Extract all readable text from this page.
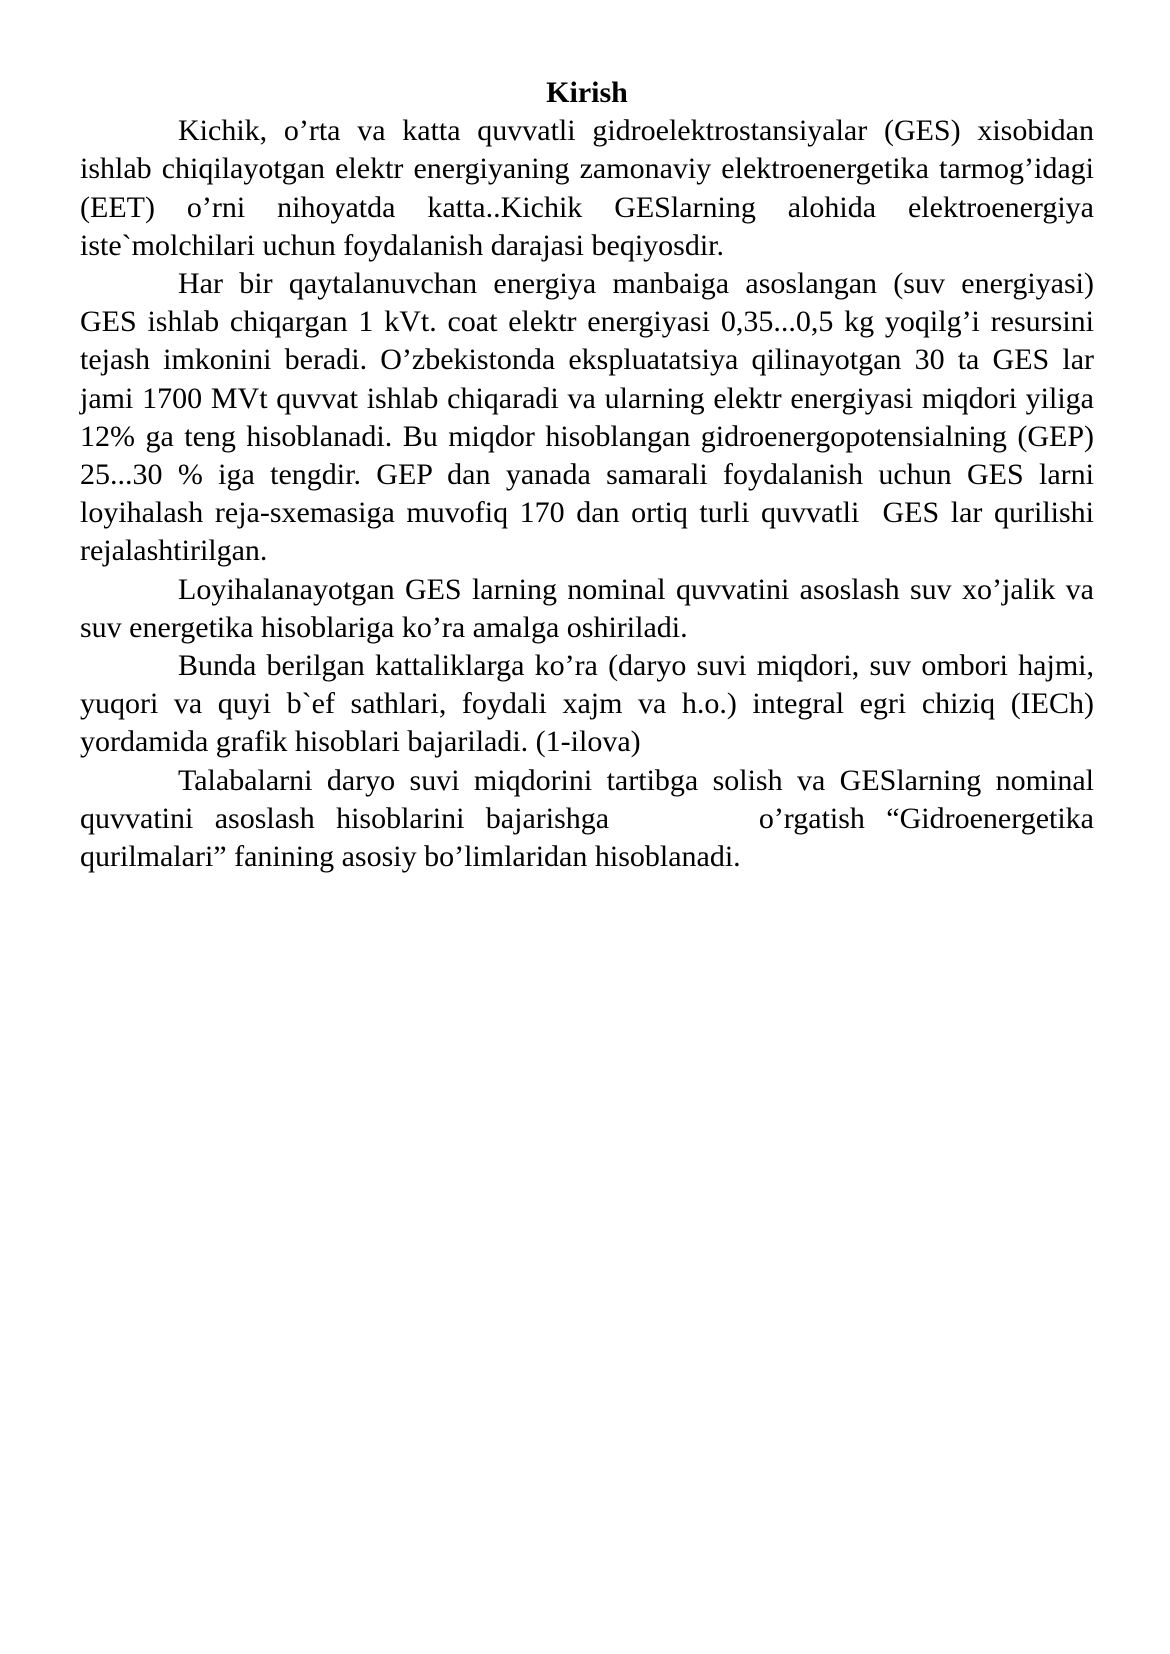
Kirish

Kichik, o’rta va katta quvvatli gidroelektrostansiyalar (GES) xisobidan ishlab chiqilayotgan elektr energiyaning zamonaviy elektroenergetika tarmog’idagi (EET) o’rni nihoyatda katta..Kichik GESlarning alohida elektroenergiya iste`molchilari uchun foydalanish darajasi beqiyosdir.

Har bir qaytalanuvchan energiya manbaiga asoslangan (suv energiyasi) GES ishlab chiqargan 1 kVt. coat elektr energiyasi 0,35...0,5 kg yoqilg’i resursini tejash imkonini beradi. O’zbekistonda ekspluatatsiya qilinayotgan 30 ta GES lar jami 1700 MVt quvvat ishlab chiqaradi va ularning elektr energiyasi miqdori yiliga 12% ga teng hisoblanadi. Bu miqdor hisoblangan gidroenergopotensialning (GEP)    25...30 % iga tengdir. GEP dan yanada samarali foydalanish uchun GES larni loyihalash reja-sxemasiga muvofiq 170 dan ortiq turli quvvatli  GES lar qurilishi rejalashtirilgan.

Loyihalanayotgan GES larning nominal quvvatini asoslash suv xo’jalik va suv energetika hisoblariga ko’ra amalga oshiriladi.

Bunda berilgan kattaliklarga ko’ra (daryo suvi miqdori, suv ombori hajmi, yuqori va quyi b`ef sathlari, foydali xajm va h.o.) integral egri chiziq (IECh) yordamida grafik hisoblari bajariladi. (1-ilova)

Talabalarni daryo suvi miqdorini tartibga solish va GESlarning nominal quvvatini asoslash hisoblarini bajarishga       o’rgatish “Gidroenergetika qurilmalari” fanining asosiy bo’limlaridan hisoblanadi.
